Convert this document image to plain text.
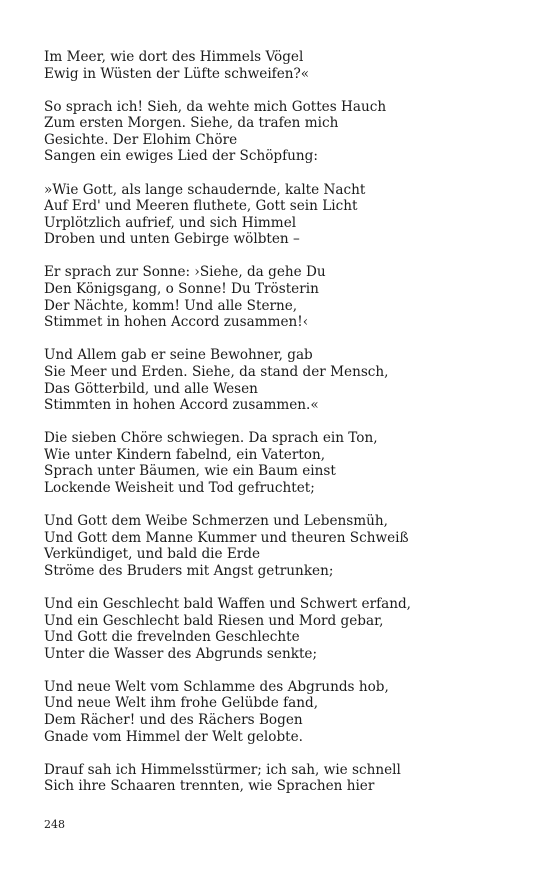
Im Meer, wie dort des Himmels Vögel
Ewig in Wüsten der Lüfte schweifen?«
So sprach ich! Sieh, da wehte mich Gottes Hauch
Zum ersten Morgen. Siehe, da trafen mich
Gesichte. Der Elohim Chöre
Sangen ein ewiges Lied der Schöpfung:
»Wie Gott, als lange schaudernde, kalte Nacht
Auf Erd' und Meeren fluthete, Gott sein Licht
Urplötzlich aufrief, und sich Himmel
Droben und unten Gebirge wölbten –
Er sprach zur Sonne: ›Siehe, da gehe Du
Den Königsgang, o Sonne! Du Trösterin
Der Nächte, komm! Und alle Sterne,
Stimmet in hohen Accord zusammen!‹
Und Allem gab er seine Bewohner, gab
Sie Meer und Erden. Siehe, da stand der Mensch,
Das Götterbild, und alle Wesen
Stimmten in hohen Accord zusammen.«
Die sieben Chöre schwiegen. Da sprach ein Ton,
Wie unter Kindern fabelnd, ein Vaterton,
Sprach unter Bäumen, wie ein Baum einst
Lockende Weisheit und Tod gefruchtet;
Und Gott dem Weibe Schmerzen und Lebensmüh,
Und Gott dem Manne Kummer und theuren Schweiß
Verkündiget, und bald die Erde
Ströme des Bruders mit Angst getrunken;
Und ein Geschlecht bald Waffen und Schwert erfand,
Und ein Geschlecht bald Riesen und Mord gebar,
Und Gott die frevelnden Geschlechte
Unter die Wasser des Abgrunds senkte;
Und neue Welt vom Schlamme des Abgrunds hob,
Und neue Welt ihm frohe Gelübde fand,
Dem Rächer! und des Rächers Bogen
Gnade vom Himmel der Welt gelobte.
Drauf sah ich Himmelsstürmer; ich sah, wie schnell
Sich ihre Schaaren trennten, wie Sprachen hier
248
